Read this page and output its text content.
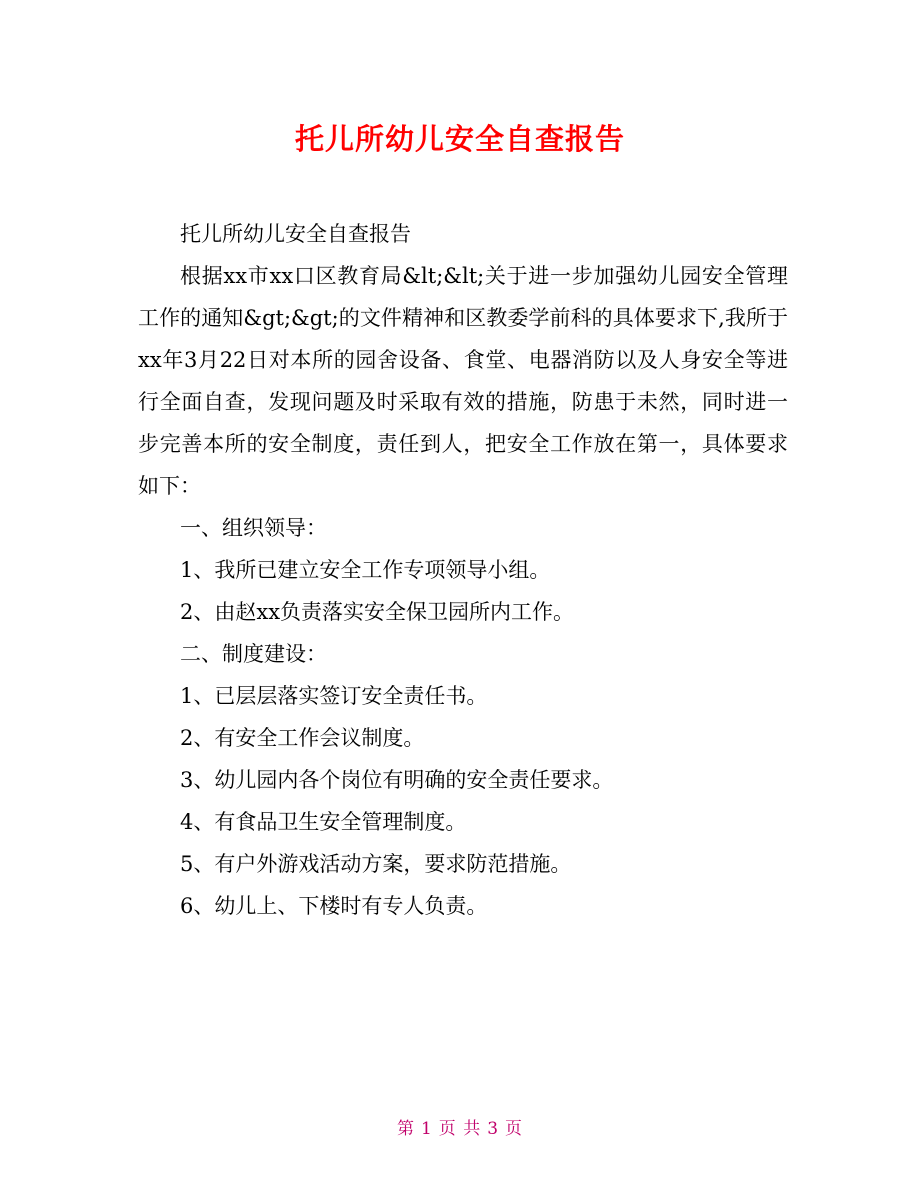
托儿所幼儿安全自查报告

托儿所幼儿安全自查报告

根据xx市xx口区教育局&lt;&lt;关于进一步加强幼儿园安全管理工作的通知&gt;&gt;的文件精神和区教委学前科的具体要求下,我所于xx年3月22日对本所的园舍设备、食堂、电器消防以及人身安全等进行全面自查，发现问题及时采取有效的措施，防患于未然，同时进一步完善本所的安全制度，责任到人，把安全工作放在第一，具体要求如下：

一、组织领导：

1、我所已建立安全工作专项领导小组。

2、由赵xx负责落实安全保卫园所内工作。

二、制度建设：

1、已层层落实签订安全责任书。

2、有安全工作会议制度。

3、幼儿园内各个岗位有明确的安全责任要求。

4、有食品卫生安全管理制度。

5、有户外游戏活动方案，要求防范措施。

6、幼儿上、下楼时有专人负责。

第 1 页 共 3 页
